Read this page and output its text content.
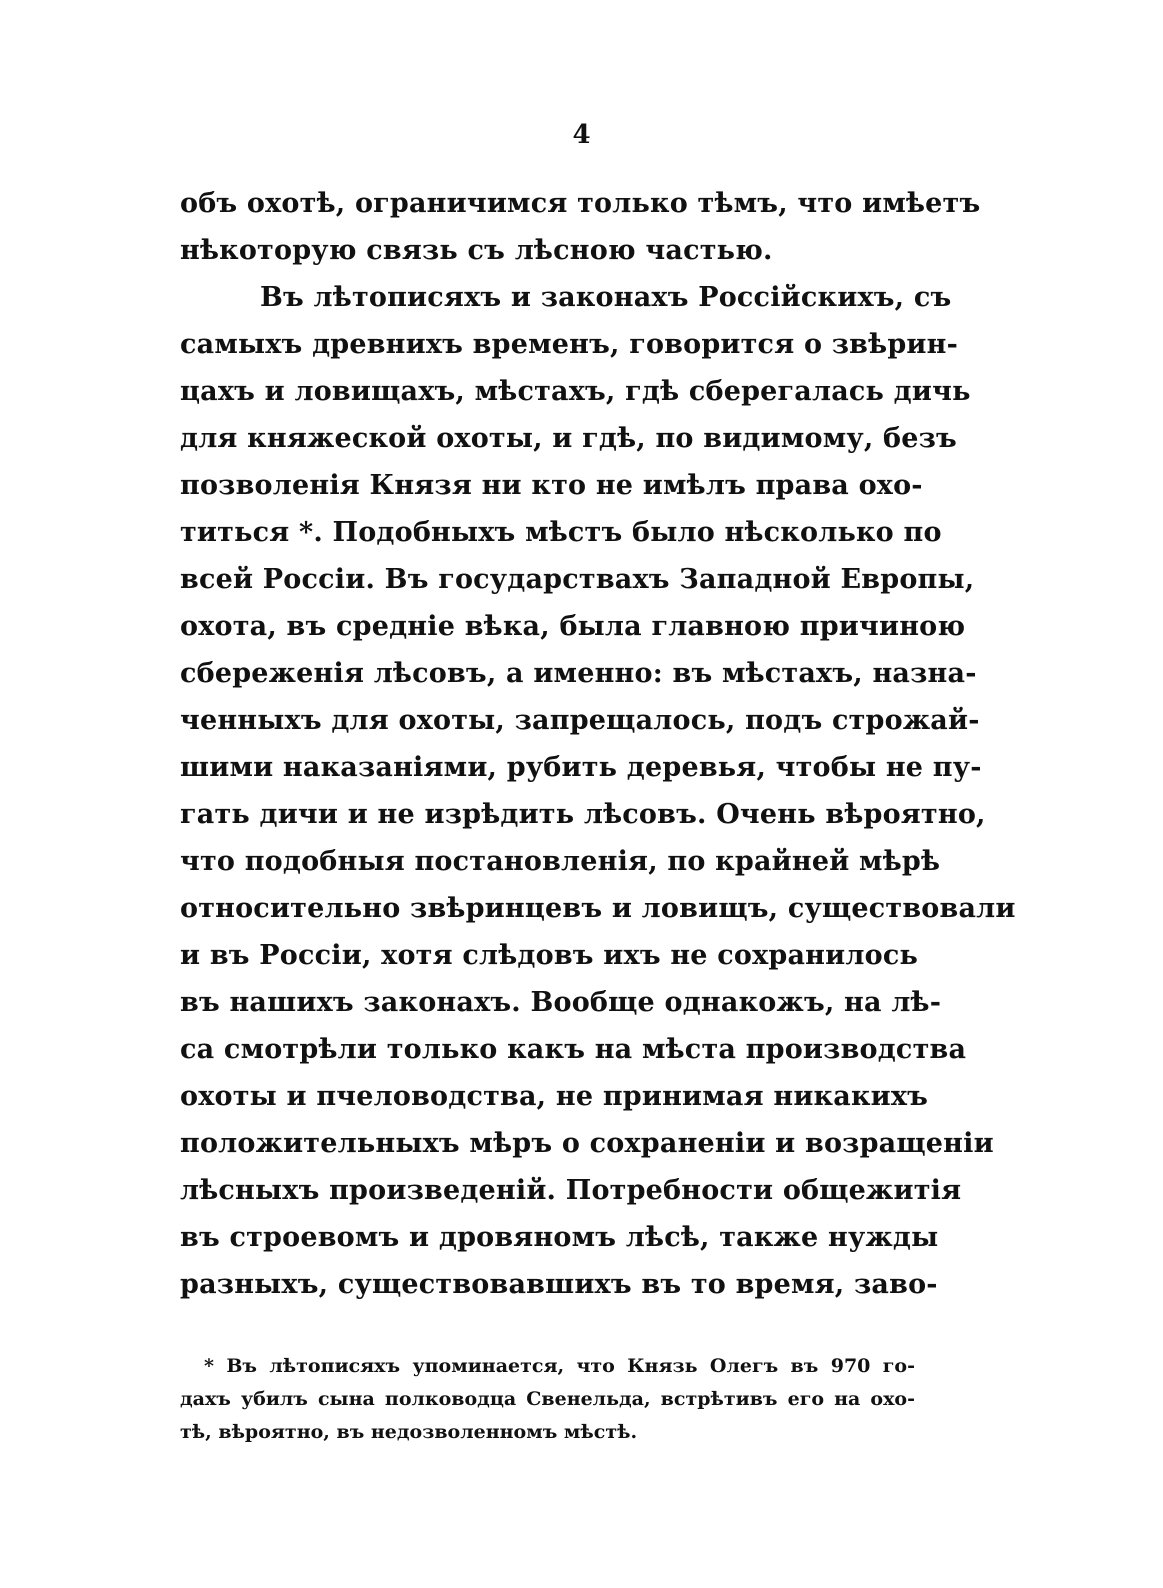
4
объ охотѣ, ограничимся только тѣмъ, что имѣетъ
нѣкоторую связь съ лѣсною частью.
Въ лѣтописяхъ и законахъ Россійскихъ, съ
самыхъ древнихъ временъ, говорится о звѣрин-
цахъ и ловищахъ, мѣстахъ, гдѣ сберегалась дичь
для княжеской охоты, и гдѣ, по видимому, безъ
позволенія Князя ни кто не имѣлъ права охо-
титься *. Подобныхъ мѣстъ было нѣсколько по
всей Россіи. Въ государствахъ Западной Европы,
охота, въ средніе вѣка, была главною причиною
сбереженія лѣсовъ, а именно: въ мѣстахъ, назна-
ченныхъ для охоты, запрещалось, подъ строжай-
шими наказаніями, рубить деревья, чтобы не пу-
гать дичи и не изрѣдить лѣсовъ. Очень вѣроятно,
что подобныя постановленія, по крайней мѣрѣ
относительно звѣринцевъ и ловищъ, существовали
и въ Россіи, хотя слѣдовъ ихъ не сохранилось
въ нашихъ законахъ. Вообще однакожъ, на лѣ-
са смотрѣли только какъ на мѣста производства
охоты и пчеловодства, не принимая никакихъ
положительныхъ мѣръ о сохраненіи и возращеніи
лѣсныхъ произведеній. Потребности общежитія
въ строевомъ и дровяномъ лѣсѣ, также нужды
разныхъ, существовавшихъ въ то время, заво-
* Въ лѣтописяхъ упоминается, что Князь Олегъ въ 970 го-
дахъ убилъ сына полководца Свенельда, встрѣтивъ его на охо-
тѣ, вѣроятно, въ недозволенномъ мѣстѣ.
